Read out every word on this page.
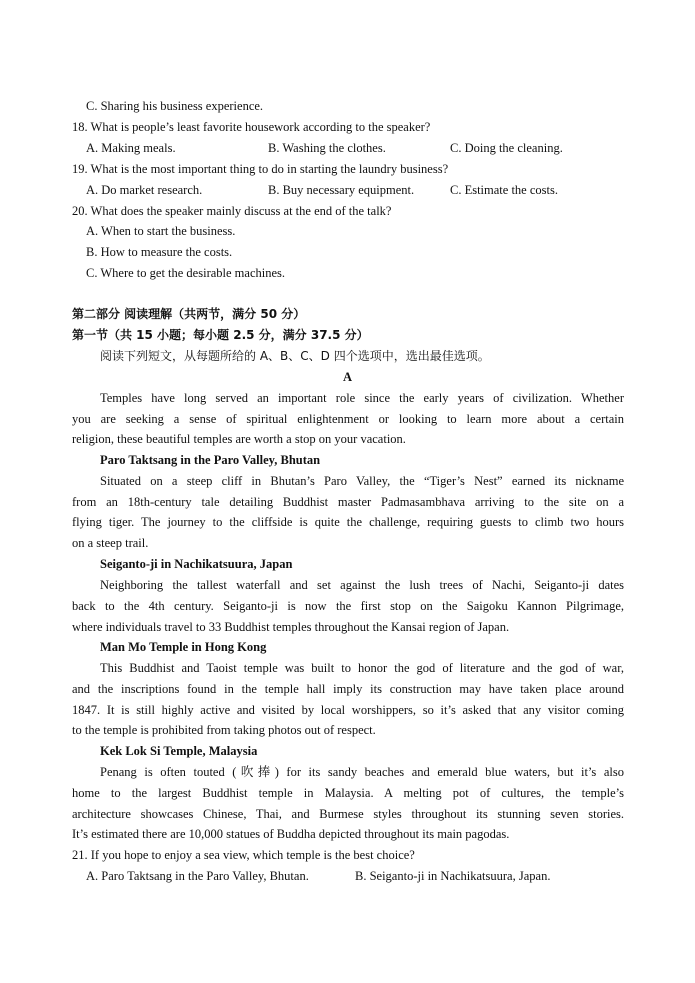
C. Sharing his business experience.
18. What is people’s least favorite housework according to the speaker?
A. Making meals.	B. Washing the clothes.	C. Doing the cleaning.
19. What is the most important thing to do in starting the laundry business?
A. Do market research.	B. Buy necessary equipment.	C. Estimate the costs.
20. What does the speaker mainly discuss at the end of the talk?
A. When to start the business.
B. How to measure the costs.
C. Where to get the desirable machines.
第二部分 阅读理解（共两节，满分 50 分）
第一节（共 15 小题；每小题 2.5 分，满分 37.5 分）
阅读下列短文，从每题所给的 A、B、C、D 四个选项中，选出最佳选项。
A
Temples have long served an important role since the early years of civilization. Whether
you are seeking a sense of spiritual enlightenment or looking to learn more about a certain
religion, these beautiful temples are worth a stop on your vacation.
Paro Taktsang in the Paro Valley, Bhutan
Situated on a steep cliff in Bhutan’s Paro Valley, the “Tiger’s Nest” earned its nickname
from an 18th-century tale detailing Buddhist master Padmasambhava arriving to the site on a
flying tiger. The journey to the cliffside is quite the challenge, requiring guests to climb two hours
on a steep trail.
Seiganto-ji in Nachikatsuura, Japan
Neighboring the tallest waterfall and set against the lush trees of Nachi, Seiganto-ji dates
back to the 4th century. Seiganto-ji is now the first stop on the Saigoku Kannon Pilgrimage,
where individuals travel to 33 Buddhist temples throughout the Kansai region of Japan.
Man Mo Temple in Hong Kong
This Buddhist and Taoist temple was built to honor the god of literature and the god of war,
and the inscriptions found in the temple hall imply its construction may have taken place around
1847. It is still highly active and visited by local worshippers, so it’s asked that any visitor coming
to the temple is prohibited from taking photos out of respect.
Kek Lok Si Temple, Malaysia
Penang is often touted (吹捧) for its sandy beaches and emerald blue waters, but it’s also
home to the largest Buddhist temple in Malaysia. A melting pot of cultures, the temple’s
architecture showcases Chinese, Thai, and Burmese styles throughout its stunning seven stories.
It’s estimated there are 10,000 statues of Buddha depicted throughout its main pagodas.
21. If you hope to enjoy a sea view, which temple is the best choice?
A. Paro Taktsang in the Paro Valley, Bhutan.	B. Seiganto-ji in Nachikatsuura, Japan.
